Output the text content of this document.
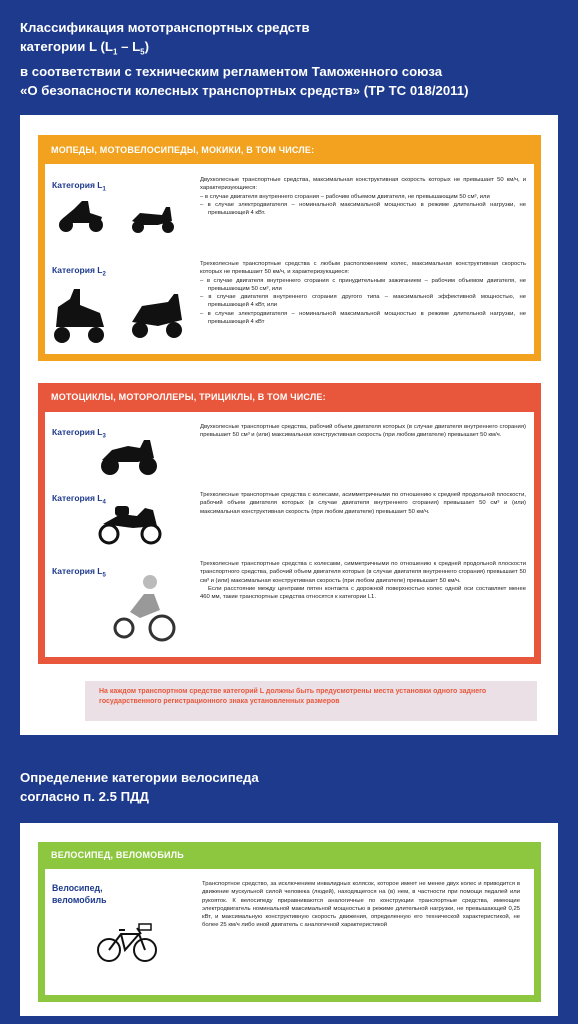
Классификация мототранспортных средств
категории L $(L_1 - L_5)$
в соответствии с техническим регламентом Таможенного союза
«О безопасности колесных транспортных средств» (ТР ТС 018/2011)
МОПЕДЫ, МОТОВЕЛОСИПЕДЫ, МОКИКИ, В ТОМ ЧИСЛЕ:
Категория $L_1$

Двухколесные транспортные средства, максимальная конструктивная скорость которых не превышает 50 км/ч, и характеризующиеся:

– в случае двигателя внутреннего сгорания – рабочим объемом двигателя, не превышающим 50 см³, или

– в случае электродвигателя – номинальной максимальной мощностью в режиме длительной нагрузки, не превышающей 4 кВт.

Категория $L_2$

Трехколесные транспортные средства с любым расположением колес, максимальная конструктивная скорость которых не превышает 50 км/ч, и характеризующиеся:

– в случае двигателя внутреннего сгорания с принудительным зажиганием – рабочим объемом двигателя, не превышающим 50 см³, или

– в случае двигателя внутреннего сгорания другого типа – максимальной эффективной мощностью, не превышающей 4 кВт, или

– в случае электродвигателя – номинальной максимальной мощностью в режиме длительной нагрузки, не превышающей 4 кВт

МОТОЦИКЛЫ, МОТОРОЛЛЕРЫ, ТРИЦИКЛЫ, В ТОМ ЧИСЛЕ:
Категория $L_3$
Двухколесные транспортные средства, рабочий объем двигателя которых (в случае двигателя внутреннего сгорания) превышает 50 см³ и (или) максимальная конструктивная скорость (при любом двигателе) превышает 50 км/ч.
Категория $L_4$
Трехколесные транспортные средства с колесами, асимметричными по отношению к средней продольной плоскости, рабочий объем двигателя которых (в случае двигателя внутреннего сгорания) превышает 50 см³ и (или) максимальная конструктивная скорость (при любом двигателе) превышает 50 км/ч.
Категория $L_5$

Трехколесные транспортные средства с колесами, симметричными по отношению к средней продольной плоскости транспортного средства, рабочий объем двигателя которых (в случае двигателя внутреннего сгорания) превышает 50 см³ и (или) максимальная конструктивная скорость (при любом двигателе) превышает 50 км/ч.

Если расстояние между центрами пятен контакта с дорожной поверхностью колес одной оси составляет менее 460 мм, такие транспортные средства относятся к категории L1.

На каждом транспортном средстве категорий L должны быть предусмотрены места установки одного заднего государственного регистрационного знака установленных размеров
Определение категории велосипеда
согласно п. 2.5 ПДД
ВЕЛОСИПЕД, ВЕЛОМОБИЛЬ
Велосипед,
веломобиль
Транспортное средство, за исключением инвалидных колясок, которое имеет не менее двух колес и приводится в движение мускульной силой человека (людей), находящегося на (в) нем, в частности при помощи педалей или рукояток. К велосипеду приравниваются аналогичные по конструкции транспортные средства, имеющие электродвигатель номинальной максимальной мощностью в режиме длительной нагрузки, не превышающей 0,25 кВт, и максимальную конструктивную скорость движения, определенную его технической характеристикой, не более 25 км/ч либо иной двигатель с аналогичной характеристикой
